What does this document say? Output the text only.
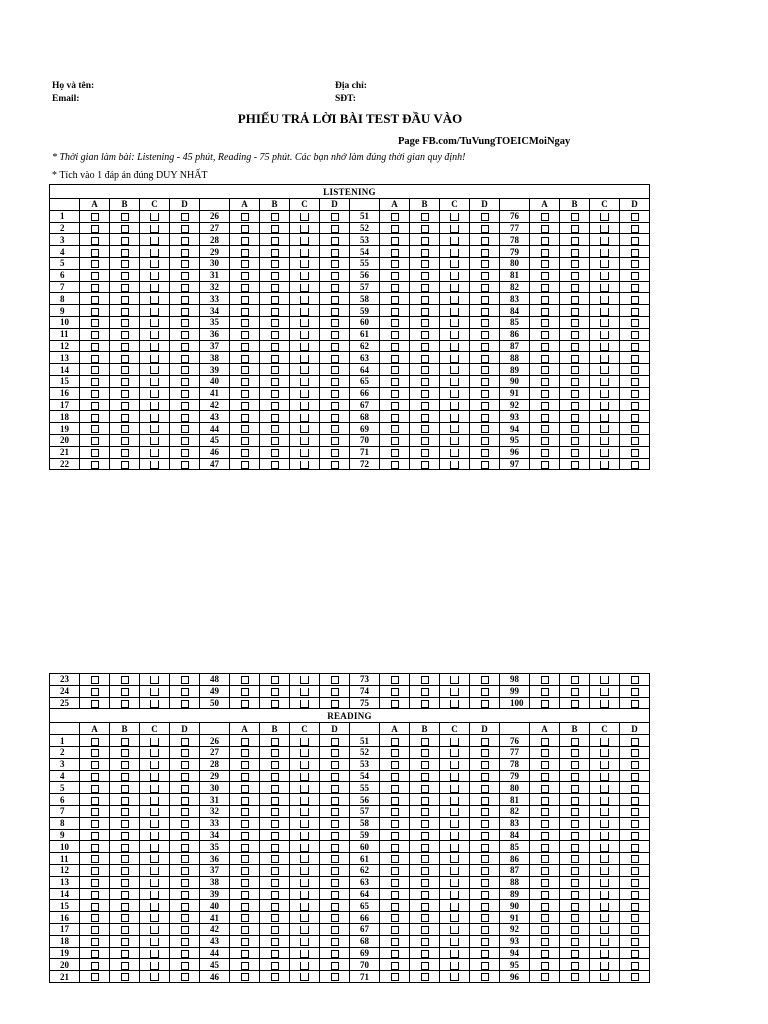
Họ và tên:	Địa chỉ:
Email:	SĐT:
PHIẾU TRẢ LỜI BÀI TEST ĐẦU VÀO
Page FB.com/TuVungTOEICMoiNgay
* Thời gian làm bài: Listening - 45 phút, Reading - 75 phút. Các bạn nhớ làm đúng thời gian quy định!
* Tích vào 1 đáp án đúng DUY NHẤT
LISTENING																			
	A	B	C	D		A	B	C	D		A	B	C	D		A	B	C	D
1					26					51					76				
2					27					52					77				
3					28					53					78				
4					29					54					79				
5					30					55					80				
6					31					56					81				
7					32					57					82				
8					33					58					83				
9					34					59					84				
10					35					60					85				
11					36					61					86				
12					37					62					87				
13					38					63					88				
14					39					64					89				
15					40					65					90				
16					41					66					91				
17					42					67					92				
18					43					68					93				
19					44					69					94				
20					45					70					95				
21					46					71					96				
22					47					72					97				
23					48					73					98				
24					49					74					99				
25					50					75					100				
READING																			
	A	B	C	D		A	B	C	D		A	B	C	D		A	B	C	D
1					26					51					76				
2					27					52					77				
3					28					53					78				
4					29					54					79				
5					30					55					80				
6					31					56					81				
7					32					57					82				
8					33					58					83				
9					34					59					84				
10					35					60					85				
11					36					61					86				
12					37					62					87				
13					38					63					88				
14					39					64					89				
15					40					65					90				
16					41					66					91				
17					42					67					92				
18					43					68					93				
19					44					69					94				
20					45					70					95				
21					46					71					96				
